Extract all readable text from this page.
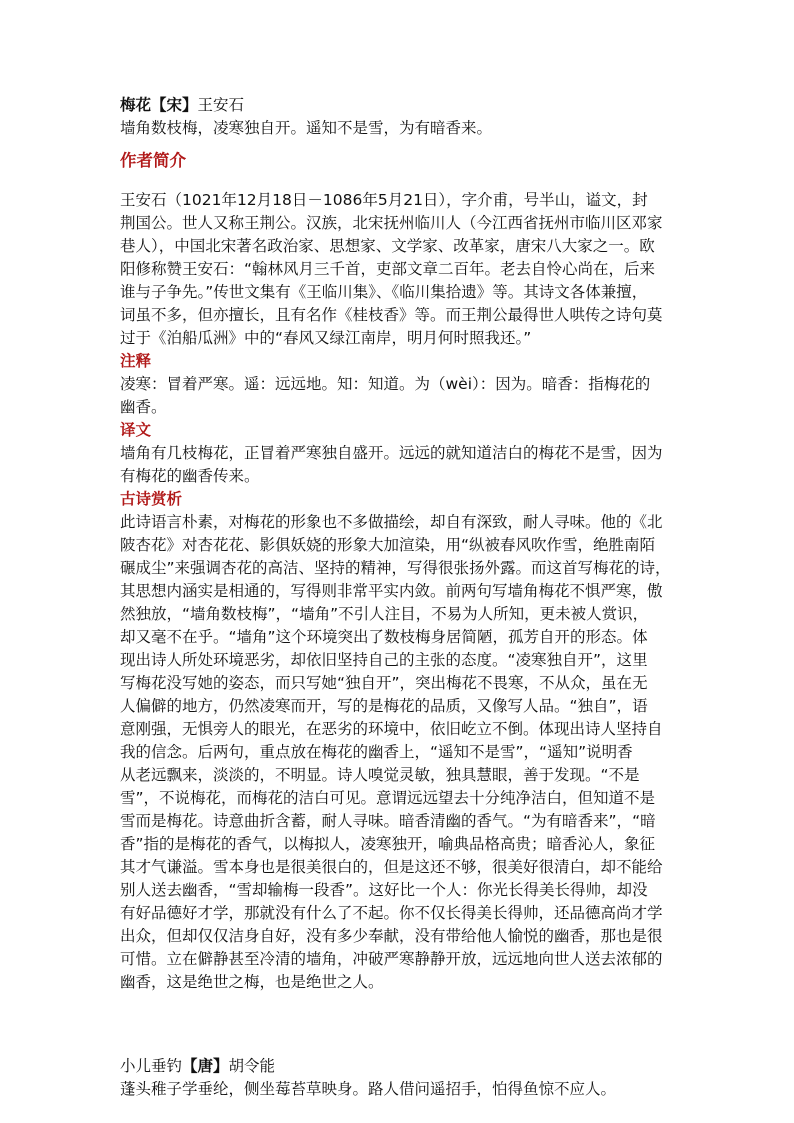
梅花【宋】王安石

墙角数枝梅，凌寒独自开。遥知不是雪，为有暗香来。

作者简介

王安石（1021年12月18日－1086年5月21日），字介甫，号半山，谥文，封

荆国公。世人又称王荆公。汉族，北宋抚州临川人（今江西省抚州市临川区邓家

巷人），中国北宋著名政治家、思想家、文学家、改革家，唐宋八大家之一。欧

阳修称赞王安石：“翰林风月三千首，吏部文章二百年。老去自怜心尚在，后来

谁与子争先。”传世文集有《王临川集》、《临川集拾遗》等。其诗文各体兼擅，

词虽不多，但亦擅长，且有名作《桂枝香》等。而王荆公最得世人哄传之诗句莫

过于《泊船瓜洲》中的“春风又绿江南岸，明月何时照我还。”

注释

凌寒：冒着严寒。遥：远远地。知：知道。为（wèi）：因为。暗香：指梅花的

幽香。

译文

墙角有几枝梅花，正冒着严寒独自盛开。远远的就知道洁白的梅花不是雪，因为

有梅花的幽香传来。

古诗赏析

此诗语言朴素，对梅花的形象也不多做描绘，却自有深致，耐人寻味。他的《北

陂杏花》对杏花花、影俱妖娆的形象大加渲染，用“纵被春风吹作雪，绝胜南陌

碾成尘”来强调杏花的高洁、坚持的精神，写得很张扬外露。而这首写梅花的诗，

其思想内涵实是相通的，写得则非常平实内敛。前两句写墙角梅花不惧严寒，傲

然独放，“墙角数枝梅”，“墙角”不引人注目，不易为人所知，更未被人赏识，

却又毫不在乎。“墙角”这个环境突出了数枝梅身居简陋，孤芳自开的形态。体

现出诗人所处环境恶劣，却依旧坚持自己的主张的态度。“凌寒独自开”，这里

写梅花没写她的姿态，而只写她“独自开”，突出梅花不畏寒，不从众，虽在无

人偏僻的地方，仍然凌寒而开，写的是梅花的品质，又像写人品。“独自”，语

意刚强，无惧旁人的眼光，在恶劣的环境中，依旧屹立不倒。体现出诗人坚持自

我的信念。后两句，重点放在梅花的幽香上，“遥知不是雪”，“遥知”说明香

从老远飘来，淡淡的，不明显。诗人嗅觉灵敏，独具慧眼，善于发现。“不是

雪”，不说梅花，而梅花的洁白可见。意谓远远望去十分纯净洁白，但知道不是

雪而是梅花。诗意曲折含蓄，耐人寻味。暗香清幽的香气。“为有暗香来”，“暗

香”指的是梅花的香气，以梅拟人，凌寒独开，喻典品格高贵；暗香沁人，象征

其才气谦溢。雪本身也是很美很白的，但是这还不够，很美好很清白，却不能给

别人送去幽香，“雪却输梅一段香”。这好比一个人：你光长得美长得帅，却没

有好品德好才学，那就没有什么了不起。你不仅长得美长得帅，还品德高尚才学

出众，但却仅仅洁身自好，没有多少奉献，没有带给他人愉悦的幽香，那也是很

可惜。立在僻静甚至冷清的墙角，冲破严寒静静开放，远远地向世人送去浓郁的

幽香，这是绝世之梅，也是绝世之人。

小儿垂钓【唐】胡令能

蓬头稚子学垂纶，侧坐莓苔草映身。路人借问遥招手，怕得鱼惊不应人。
